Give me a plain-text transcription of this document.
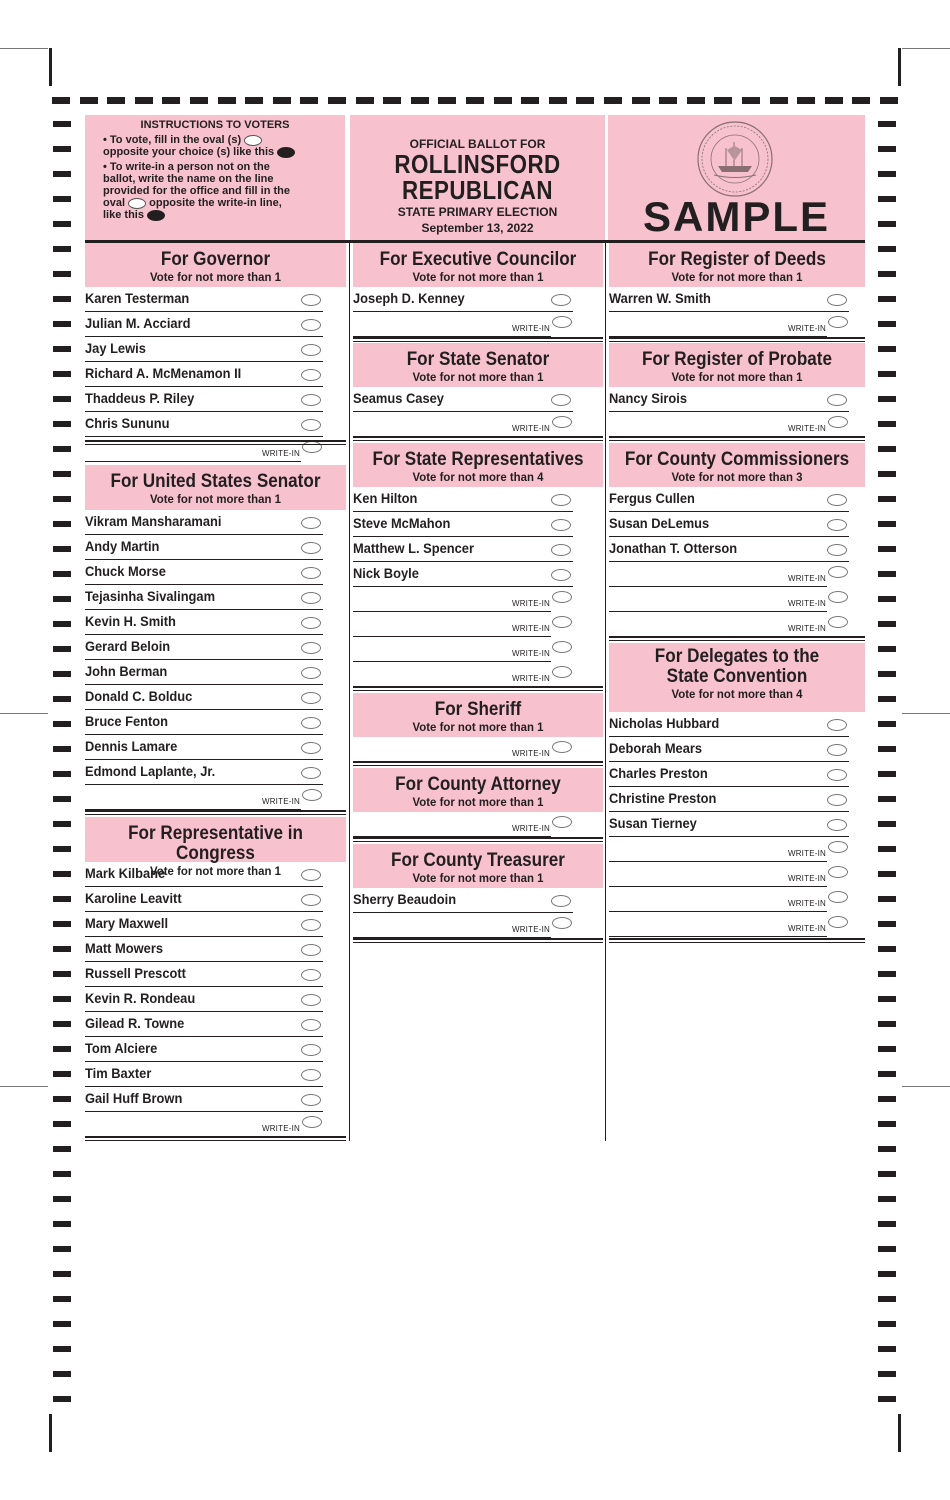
INSTRUCTIONS TO VOTERS

• To vote, fill in the oval (s)

opposite your choice (s) like this

• To write-in a person not on the

ballot, write the name on the line

provided for the office and fill in the

oval opposite the write-in line,

like this

OFFICIAL BALLOT FOR
ROLLINSFORD
REPUBLICAN
STATE PRIMARY ELECTION
September 13, 2022	SAMPLE
For Governor
Vote for not more than 1
Karen Testerman
Julian M. Acciard
Jay Lewis
Richard A. McMenamon II
Thaddeus P. Riley
Chris Sununu
WRITE-IN
For United States Senator
Vote for not more than 1
Vikram Mansharamani
Andy Martin
Chuck Morse
Tejasinha Sivalingam
Kevin H. Smith
Gerard Beloin
John Berman
Donald C. Bolduc
Bruce Fenton
Dennis Lamare
Edmond Laplante, Jr.
WRITE-IN
For Representative in Congress
Vote for not more than 1
Mark Kilbane
Karoline Leavitt
Mary Maxwell
Matt Mowers
Russell Prescott
Kevin R. Rondeau
Gilead R. Towne
Tom Alciere
Tim Baxter
Gail Huff Brown
WRITE-IN
For Executive Councilor
Vote for not more than 1
Joseph D. Kenney
WRITE-IN
For State Senator
Vote for not more than 1
Seamus Casey
WRITE-IN
For State Representatives
Vote for not more than 4
Ken Hilton
Steve McMahon
Matthew L. Spencer
Nick Boyle
WRITE-IN
WRITE-IN
WRITE-IN
WRITE-IN
For Sheriff
Vote for not more than 1
WRITE-IN
For County Attorney
Vote for not more than 1
WRITE-IN
For County Treasurer
Vote for not more than 1
Sherry Beaudoin
WRITE-IN
For Register of Deeds
Vote for not more than 1
Warren W. Smith
WRITE-IN
For Register of Probate
Vote for not more than 1
Nancy Sirois
WRITE-IN
For County Commissioners
Vote for not more than 3
Fergus Cullen
Susan DeLemus
Jonathan T. Otterson
WRITE-IN
WRITE-IN
WRITE-IN
For Delegates to the
State Convention
Vote for not more than 4
Nicholas Hubbard
Deborah Mears
Charles Preston
Christine Preston
Susan Tierney
WRITE-IN
WRITE-IN
WRITE-IN
WRITE-IN
